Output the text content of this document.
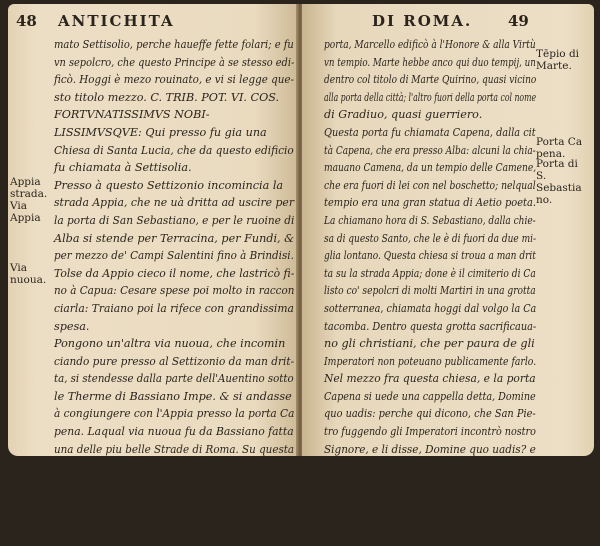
48 ANTICHITA
Appia
strada. Via Appia
Via nuoua.
mato Settisolio, perche haueffe fette folari; e fu
vn sepolcro, che questo Principe à se stesso edi-
ficò. Hoggi è mezo rouinato, e vi si legge que-
sto titolo mezzo. C. TRIB. POT. VI. COS.
FORTVNATISSIMVS NOBI-
LISSIMVSQVE: Qui presso fu gia una
Chiesa di Santa Lucia, che da questo edificio
fu chiamata à Settisolia.
Presso à questo Settizonio incomincia la
strada Appia, che ne uà dritta ad uscire per
la porta di San Sebastiano, e per le ruoine di
Alba si stende per Terracina, per Fundi, &
per mezzo de' Campi Salentini fino à Brindisi.
Tolse da Appio cieco il nome, che lastricò fi-
no à Capua: Cesare spese poi molto in raccon
ciarla: Traiano poi la rifece con grandissima
spesa.
Pongono un'altra via nuoua, che incomin
ciando pure presso al Settizonio da man drit-
ta, si stendesse dalla parte dell'Auentino sotto
le Therme di Bassiano Impe. & si andasse
à congiungere con l'Appia presso la porta Ca
pena. Laqual via nuoua fu da Bassiano fatta
una delle piu belle Strade di Roma. Su questa
uia nuoua sotto le dette Therme edificò Bas-
siano ad Iside un Tempio, che fu presso, doue
è hora la Chiesa di San Nereo.
Su la strada Appia, prima che s'uscisse la
porta
DI ROMA. 49
porta, Marcello edificò à l'Honore & alla Virtù
vn tempio. Marte hebbe anco qui duo tempij, un
dentro col titolo di Marte Quirino, quasi vicino
alla porta della città; l'altro fuori della porta col nome
di Gradiuo, quasi guerriero.
Questa porta fu chiamata Capena, dalla cit
tà Capena, che era presso Alba: alcuni la chia-
mauano Camena, da un tempio delle Camene,
che era fuori di lei con nel boschetto; nelqual
tempio era una gran statua di Aetio poeta.
La chiamano hora di S. Sebastiano, dalla chie-
sa di questo Santo, che le è di fuori da due mi-
glia lontano. Questa chiesa si troua a man drit
ta su la strada Appia; done è il cimiterio di Ca
listo co' sepolcri di molti Martiri in una grotta
sotterranea, chiamata hoggi dal volgo la Ca
tacomba. Dentro questa grotta sacrificaua-
no gli christiani, che per paura de gli
Imperatori non poteuano publicamente farlo.
Nel mezzo fra questa chiesa, e la porta
Capena si uede una cappella detta, Domine
quo uadis: perche qui dicono, che San Pie-
tro fuggendo gli Imperatori incontrò nostro
Signore, e li disse, Domine quo uadis? e
che li fosse risposto; In Roma ad essere posto di
nuouo in Croce: Vi si uedeuano gia le orme de'
piedi stampate in un marmo: per tal cagione
fu fatta cappella satta: hora questo marmo si uede
D nella
Tēpio di
Marte.
Porta Ca
pena.
Porta di
S. Sebastia
no.
